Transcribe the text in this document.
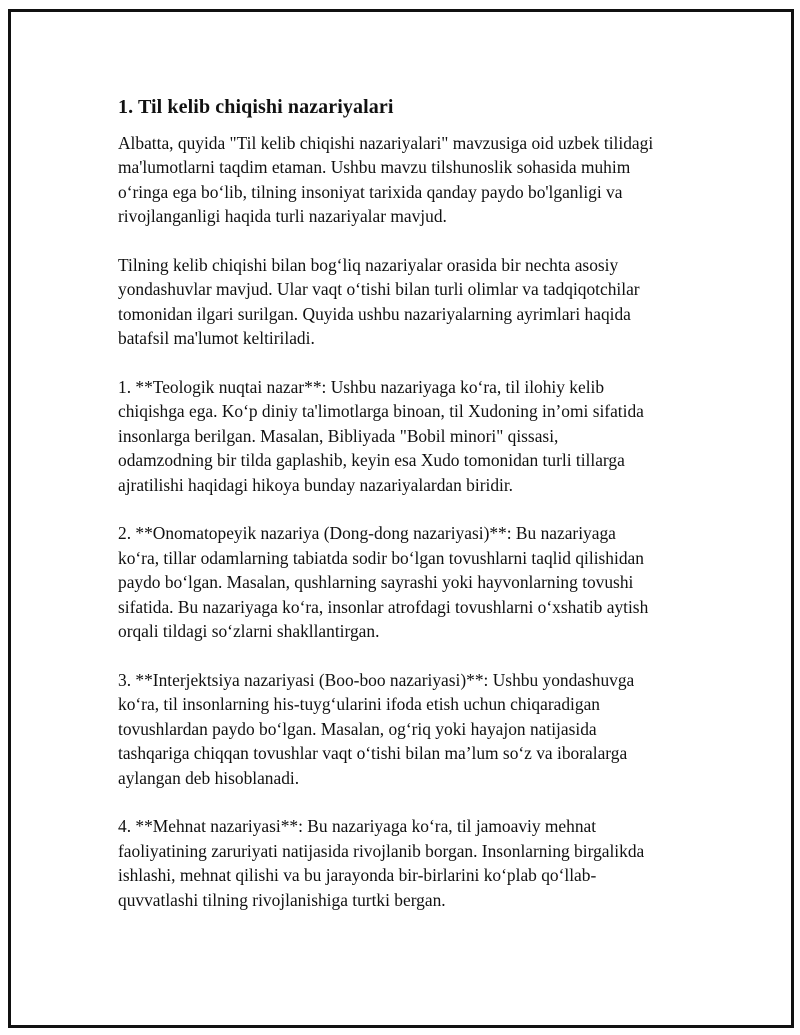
1. Til kelib chiqishi nazariyalari

Albatta, quyida "Til kelib chiqishi nazariyalari" mavzusiga oid uzbek tilidagi
ma'lumotlarni taqdim etaman. Ushbu mavzu tilshunoslik sohasida muhim
o‘ringa ega bo‘lib, tilning insoniyat tarixida qanday paydo bo'lganligi va
rivojlanganligi haqida turli nazariyalar mavjud.

Tilning kelib chiqishi bilan bog‘liq nazariyalar orasida bir nechta asosiy
yondashuvlar mavjud. Ular vaqt o‘tishi bilan turli olimlar va tadqiqotchilar
tomonidan ilgari surilgan. Quyida ushbu nazariyalarning ayrimlari haqida
batafsil ma'lumot keltiriladi.

1. **Teologik nuqtai nazar**: Ushbu nazariyaga ko‘ra, til ilohiy kelib
chiqishga ega. Ko‘p diniy ta'limotlarga binoan, til Xudoning in’omi sifatida
insonlarga berilgan. Masalan, Bibliyada "Bobil minori" qissasi,
odamzodning bir tilda gaplashib, keyin esa Xudo tomonidan turli tillarga
ajratilishi haqidagi hikoya bunday nazariyalardan biridir.

2. **Onomatopeyik nazariya (Dong-dong nazariyasi)**: Bu nazariyaga
ko‘ra, tillar odamlarning tabiatda sodir bo‘lgan tovushlarni taqlid qilishidan
paydo bo‘lgan. Masalan, qushlarning sayrashi yoki hayvonlarning tovushi
sifatida. Bu nazariyaga ko‘ra, insonlar atrofdagi tovushlarni o‘xshatib aytish
orqali tildagi so‘zlarni shakllantirgan.

3. **Interjektsiya nazariyasi (Boo-boo nazariyasi)**: Ushbu yondashuvga
ko‘ra, til insonlarning his-tuyg‘ularini ifoda etish uchun chiqaradigan
tovushlardan paydo bo‘lgan. Masalan, og‘riq yoki hayajon natijasida
tashqariga chiqqan tovushlar vaqt o‘tishi bilan ma’lum so‘z va iboralarga
aylangan deb hisoblanadi.

4. **Mehnat nazariyasi**: Bu nazariyaga ko‘ra, til jamoaviy mehnat
faoliyatining zaruriyati natijasida rivojlanib borgan. Insonlarning birgalikda
ishlashi, mehnat qilishi va bu jarayonda bir-birlarini ko‘plab qo‘llab-
quvvatlashi tilning rivojlanishiga turtki bergan.
